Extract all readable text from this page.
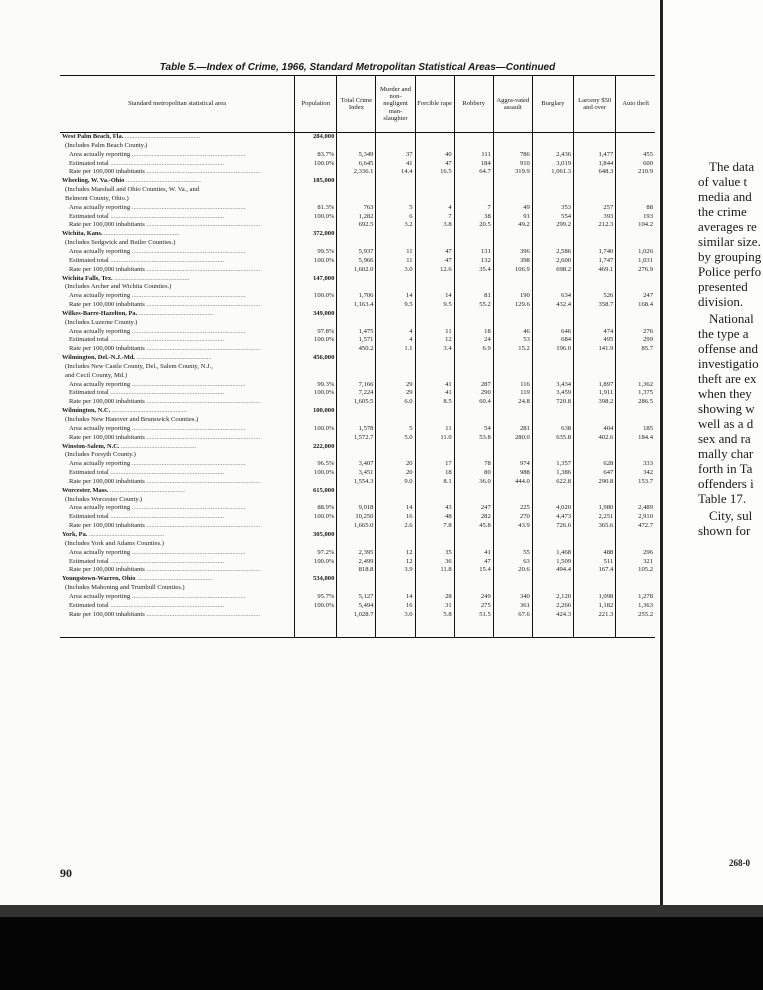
Table 5.—Index of Crime, 1966, Standard Metropolitan Statistical Areas—Continued
Standard metropolitan statistical area	Population	Total Crime Index	Murder and non-negligent man-slaughter	Forcible rape	Robbery	Aggra-vated assault	Burglary	Larceny $50 and over	Auto theft
West Palm Beach, Fla. .....	284,000								
(Includes Palm Beach County.)									
Area actually reporting .....	83.7%	5,349	37	40	111	786	2,436	1,477	455
Estimated total .....	100.0%	6,645	41	47	184	910	3,019	1,844	600
Rate per 100,000 inhabitants .....		2,336.1	14.4	16.5	64.7	319.9	1,061.3	648.3	210.9
Wheeling, W. Va.-Ohio .....	185,000								
(Includes Marshall and Ohio Counties, W. Va., and									
Belmont County, Ohio.)									
Area actually reporting .....	81.3%	763	5	4	7	49	353	257	88
Estimated total .....	100.0%	1,282	6	7	38	91	554	393	193
Rate per 100,000 inhabitants .....		692.5	3.2	3.8	20.5	49.2	299.2	212.3	104.2
Wichita, Kans. .....	372,000								
(Includes Sedgwick and Butler Counties.)									
Area actually reporting .....	99.5%	5,937	11	47	131	396	2,586	1,740	1,026
Estimated total .....	100.0%	5,966	11	47	132	398	2,600	1,747	1,031
Rate per 100,000 inhabitants .....		1,602.0	3.0	12.6	35.4	106.9	698.2	469.1	276.9
Wichita Falls, Tex. .....	147,000								
(Includes Archer and Wichita Counties.)									
Area actually reporting .....	100.0%	1,706	14	14	81	190	634	526	247
Rate per 100,000 inhabitants .....		1,163.4	9.5	9.5	55.2	129.6	432.4	358.7	168.4
Wilkes-Barre-Hazelton, Pa. .....	349,000								
(Includes Luzerne County.)									
Area actually reporting .....	97.8%	1,475	4	11	18	46	646	474	276
Estimated total .....	100.0%	1,571	4	12	24	53	684	495	299
Rate per 100,000 inhabitants .....		450.2	1.1	3.4	6.9	15.2	196.0	141.9	85.7
Wilmington, Del.-N.J.-Md. .....	456,000								
(Includes New Castle County, Del., Salem County, N.J.,									
and Cecil County, Md.)									
Area actually reporting .....	99.3%	7,166	29	41	287	116	3,434	1,897	1,362
Estimated total .....	100.0%	7,224	29	41	290	119	3,459	1,911	1,375
Rate per 100,000 inhabitants .....		1,605.5	6.0	8.5	60.4	24.8	720.8	398.2	286.5
Wilmington, N.C. .....	100,000								
(Includes New Hanover and Brunswick Counties.)									
Area actually reporting .....	100.0%	1,578	5	11	54	281	638	404	185
Rate per 100,000 inhabitants .....		1,572.7	5.0	11.0	53.8	280.0	635.8	402.6	184.4
Winston-Salem, N.C. .....	222,000								
(Includes Forsyth County.)									
Area actually reporting .....	96.5%	3,407	20	17	78	974	1,357	628	333
Estimated total .....	100.0%	3,451	20	18	80	988	1,386	647	342
Rate per 100,000 inhabitants .....		1,554.3	9.0	8.1	36.0	444.0	622.8	290.8	153.7
Worcester, Mass. .....	615,000								
(Includes Worcester County.)									
Area actually reporting .....	88.9%	9,018	14	43	247	225	4,020	1,980	2,489
Estimated total .....	100.0%	10,250	16	48	282	270	4,473	2,251	2,910
Rate per 100,000 inhabitants .....		1,665.0	2.6	7.8	45.8	43.9	726.6	365.6	472.7
York, Pa. .....	305,000								
(Includes York and Adams Counties.)									
Area actually reporting .....	97.2%	2,395	12	35	41	55	1,468	488	296
Estimated total .....	100.0%	2,499	12	36	47	63	1,509	511	321
Rate per 100,000 inhabitants .....		818.8	3.9	11.8	15.4	20.6	494.4	167.4	105.2
Youngstown-Warren, Ohio .....	534,000								
(Includes Mahoning and Trumbull Counties.)									
Area actually reporting .....	95.7%	5,127	14	28	249	340	2,120	1,098	1,278
Estimated total .....	100.0%	5,494	16	31	275	361	2,266	1,182	1,363
Rate per 100,000 inhabitants .....		1,028.7	3.0	5.8	51.5	67.6	424.3	221.3	255.2

90
268-0
The data
of value t
media and
the crime
averages re
similar size.
by grouping
Police perfo
presented
division.
National
the type a
offense and
investigatio
theft are ex
when they
showing w
well as a d
sex and ra
mally char
forth in Ta
offenders i
Table 17.
City, sul
shown for
